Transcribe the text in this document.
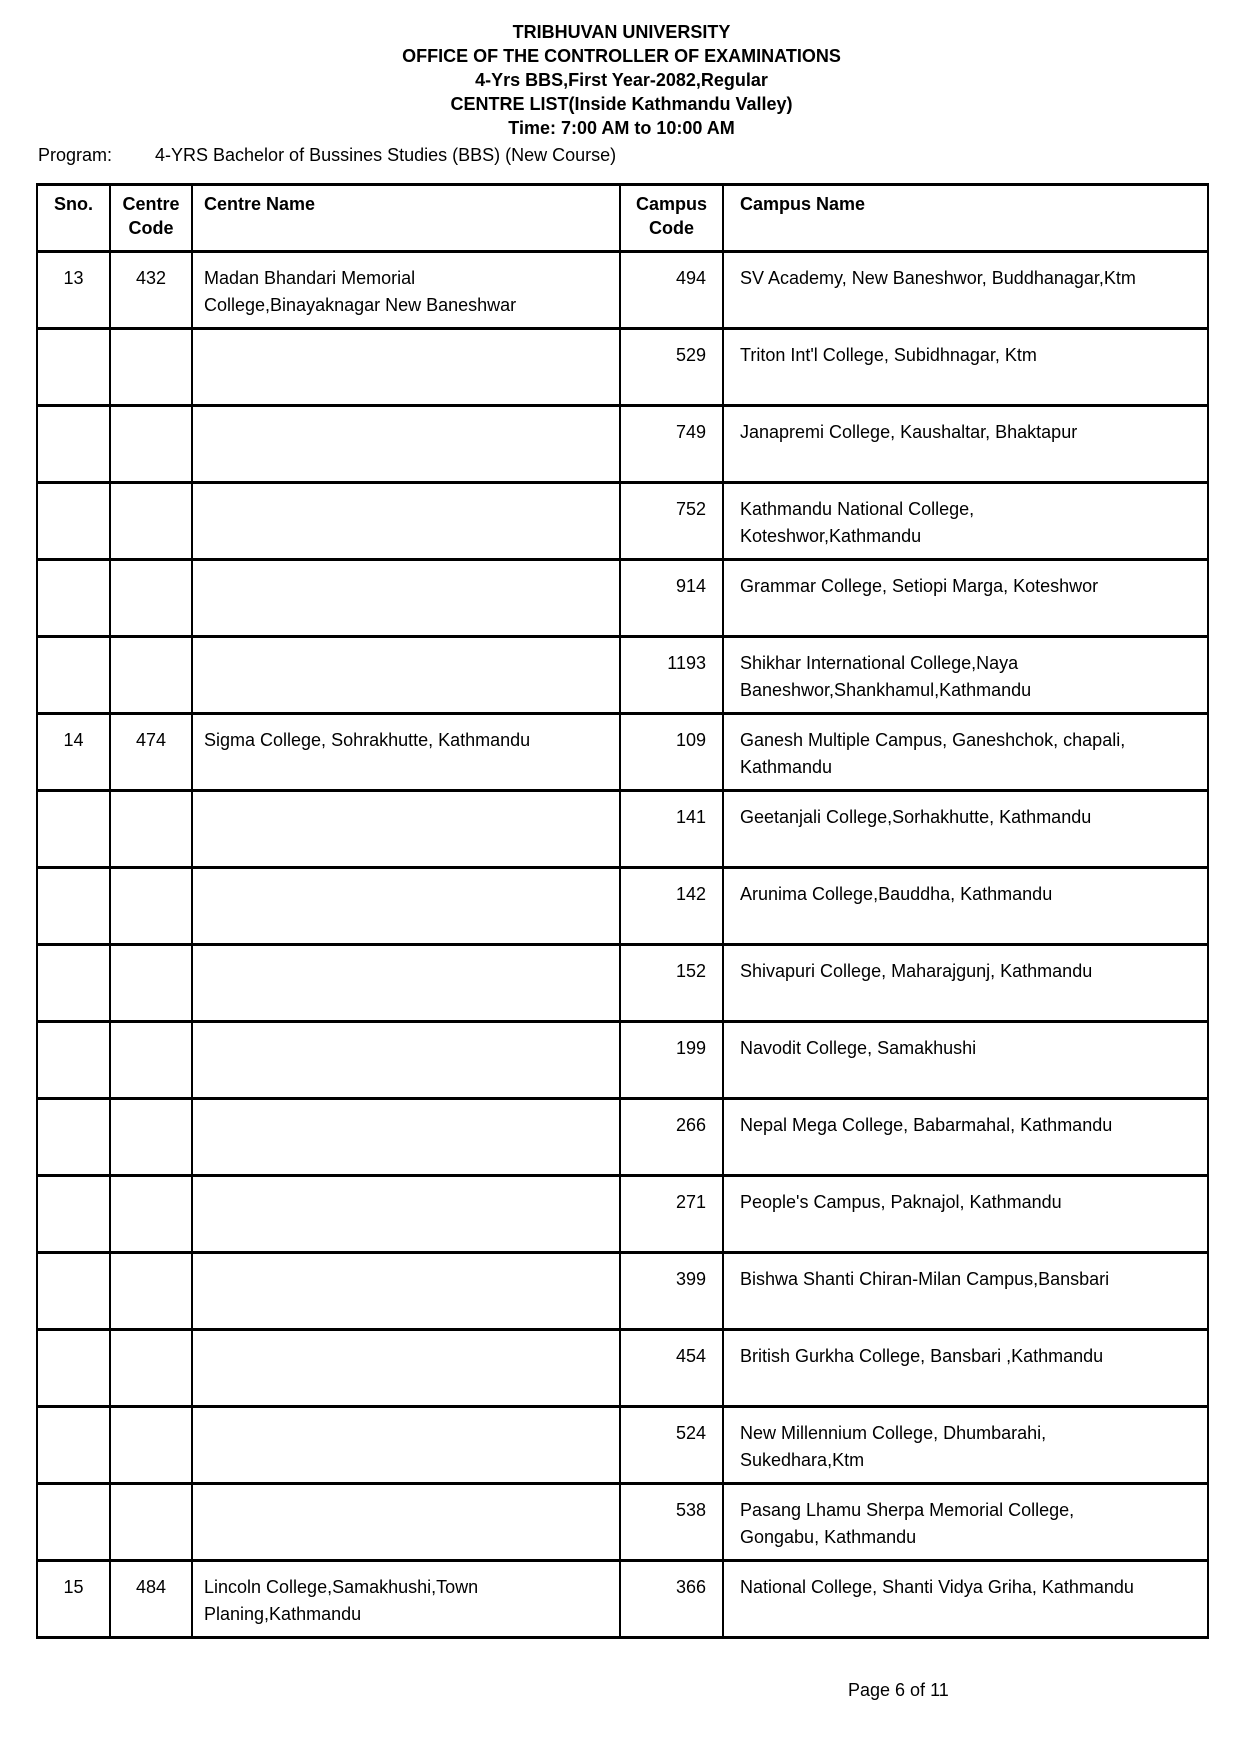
TRIBHUVAN UNIVERSITY
OFFICE OF THE CONTROLLER OF EXAMINATIONS
4-Yrs BBS,First Year-2082,Regular
CENTRE LIST(Inside Kathmandu Valley)
Time: 7:00 AM to 10:00 AM
Program:	4-YRS Bachelor of Bussines Studies (BBS) (New Course)
Sno.	Centre Code	Centre Name	Campus Code	Campus Name
13	432	Madan Bhandari Memorial College,Binayaknagar New Baneshwar	494	SV Academy, New Baneshwor, Buddhanagar,Ktm
			529	Triton Int'l College, Subidhnagar, Ktm
			749	Janapremi College, Kaushaltar, Bhaktapur
			752	Kathmandu National College, Koteshwor,Kathmandu
			914	Grammar College, Setiopi Marga, Koteshwor
			1193	Shikhar International College,Naya Baneshwor,Shankhamul,Kathmandu
14	474	Sigma College, Sohrakhutte, Kathmandu	109	Ganesh Multiple Campus, Ganeshchok, chapali, Kathmandu
			141	Geetanjali College,Sorhakhutte, Kathmandu
			142	Arunima College,Bauddha, Kathmandu
			152	Shivapuri College, Maharajgunj, Kathmandu
			199	Navodit College, Samakhushi
			266	Nepal Mega College, Babarmahal, Kathmandu
			271	People's Campus, Paknajol, Kathmandu
			399	Bishwa Shanti Chiran-Milan Campus,Bansbari
			454	British Gurkha College, Bansbari ,Kathmandu
			524	New Millennium College, Dhumbarahi, Sukedhara,Ktm
			538	Pasang Lhamu Sherpa Memorial College, Gongabu, Kathmandu
15	484	Lincoln College,Samakhushi,Town Planing,Kathmandu	366	National College, Shanti Vidya Griha, Kathmandu
Page 6 of 11
